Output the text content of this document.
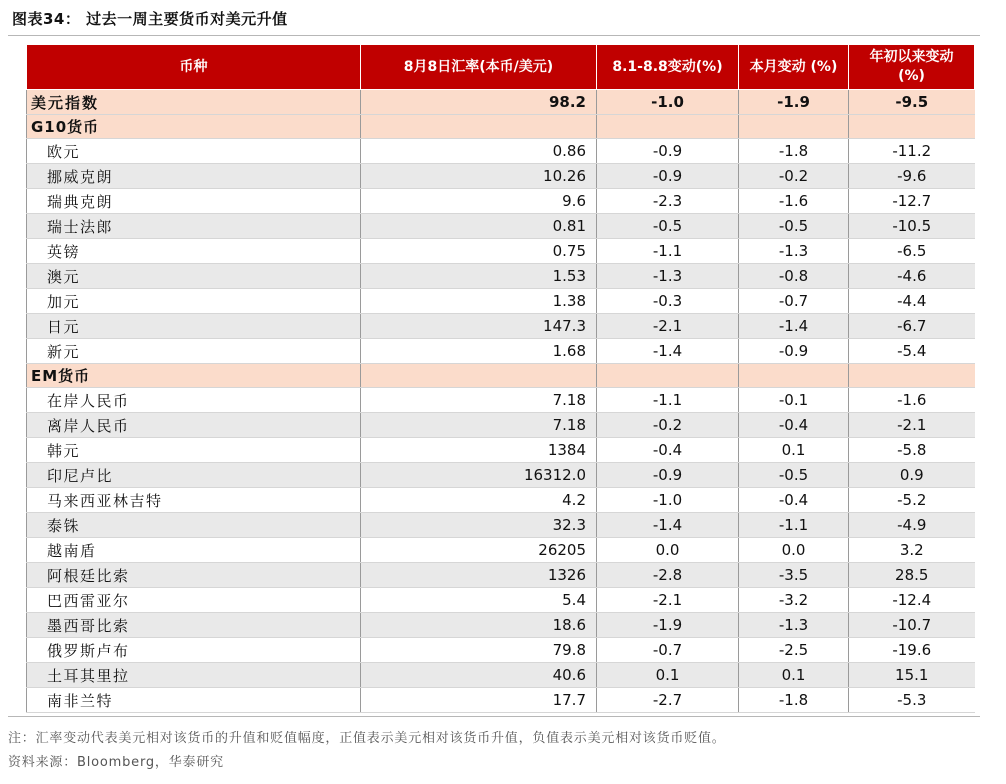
图表34： 过去一周主要货币对美元升值
币种	8月8日汇率(本币/美元)	8.1-8.8变动(%)	本月变动 (%)	年初以来变动 (%)
美元指数	98.2	-1.0	-1.9	-9.5
G10货币				
欧元	0.86	-0.9	-1.8	-11.2
挪威克朗	10.26	-0.9	-0.2	-9.6
瑞典克朗	9.6	-2.3	-1.6	-12.7
瑞士法郎	0.81	-0.5	-0.5	-10.5
英镑	0.75	-1.1	-1.3	-6.5
澳元	1.53	-1.3	-0.8	-4.6
加元	1.38	-0.3	-0.7	-4.4
日元	147.3	-2.1	-1.4	-6.7
新元	1.68	-1.4	-0.9	-5.4
EM货币				
在岸人民币	7.18	-1.1	-0.1	-1.6
离岸人民币	7.18	-0.2	-0.4	-2.1
韩元	1384	-0.4	0.1	-5.8
印尼卢比	16312.0	-0.9	-0.5	0.9
马来西亚林吉特	4.2	-1.0	-0.4	-5.2
泰铢	32.3	-1.4	-1.1	-4.9
越南盾	26205	0.0	0.0	3.2
阿根廷比索	1326	-2.8	-3.5	28.5
巴西雷亚尔	5.4	-2.1	-3.2	-12.4
墨西哥比索	18.6	-1.9	-1.3	-10.7
俄罗斯卢布	79.8	-0.7	-2.5	-19.6
土耳其里拉	40.6	0.1	0.1	15.1
南非兰特	17.7	-2.7	-1.8	-5.3
注：汇率变动代表美元相对该货币的升值和贬值幅度，正值表示美元相对该货币升值，负值表示美元相对该货币贬值。
资料来源：Bloomberg，华泰研究
